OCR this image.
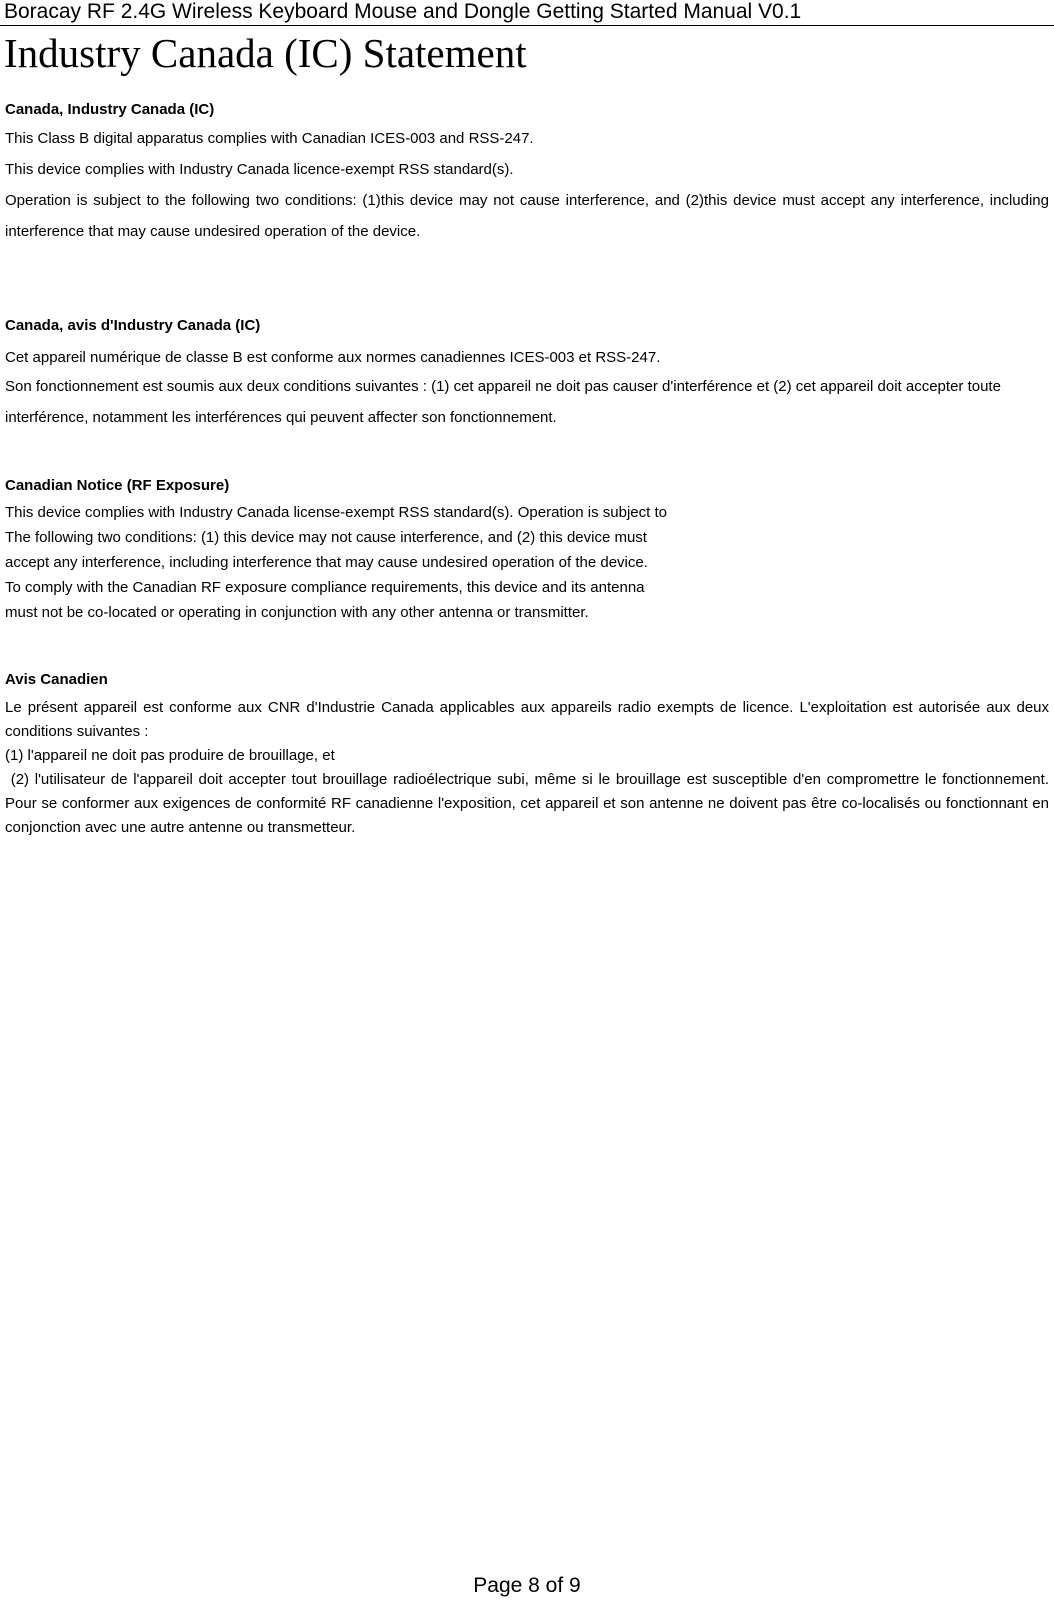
Boracay RF 2.4G Wireless Keyboard Mouse and Dongle Getting Started Manual V0.1
Industry Canada (IC) Statement
Canada, Industry Canada (IC)

This Class B digital apparatus complies with Canadian ICES-003 and RSS-247.

This device complies with Industry Canada licence-exempt RSS standard(s).

Operation is subject to the following two conditions: (1)this device may not cause interference, and (2)this device must accept any interference, including interference that may cause undesired operation of the device.

Canada, avis d'Industry Canada (IC)

Cet appareil numérique de classe B est conforme aux normes canadiennes ICES-003 et RSS-247.

Son fonctionnement est soumis aux deux conditions suivantes : (1) cet appareil ne doit pas causer d'interférence et (2) cet appareil doit accepter toute interférence, notamment les interférences qui peuvent affecter son fonctionnement.

Canadian Notice (RF Exposure)
This device complies with Industry Canada license-exempt RSS standard(s). Operation is subject to
The following two conditions: (1) this device may not cause interference, and (2) this device must
accept any interference, including interference that may cause undesired operation of the device.
To comply with the Canadian RF exposure compliance requirements, this device and its antenna
must not be co-located or operating in conjunction with any other antenna or transmitter.
Avis Canadien

Le présent appareil est conforme aux CNR d'Industrie Canada applicables aux appareils radio exempts de licence. L'exploitation est autorisée aux deux conditions suivantes :

(1) l'appareil ne doit pas produire de brouillage, et

(2) l'utilisateur de l'appareil doit accepter tout brouillage radioélectrique subi, même si le brouillage est susceptible d'en compromettre le fonctionnement. Pour se conformer aux exigences de conformité RF canadienne l'exposition, cet appareil et son antenne ne doivent pas être co-localisés ou fonctionnant en conjonction avec une autre antenne ou transmetteur.

Page 8 of 9
